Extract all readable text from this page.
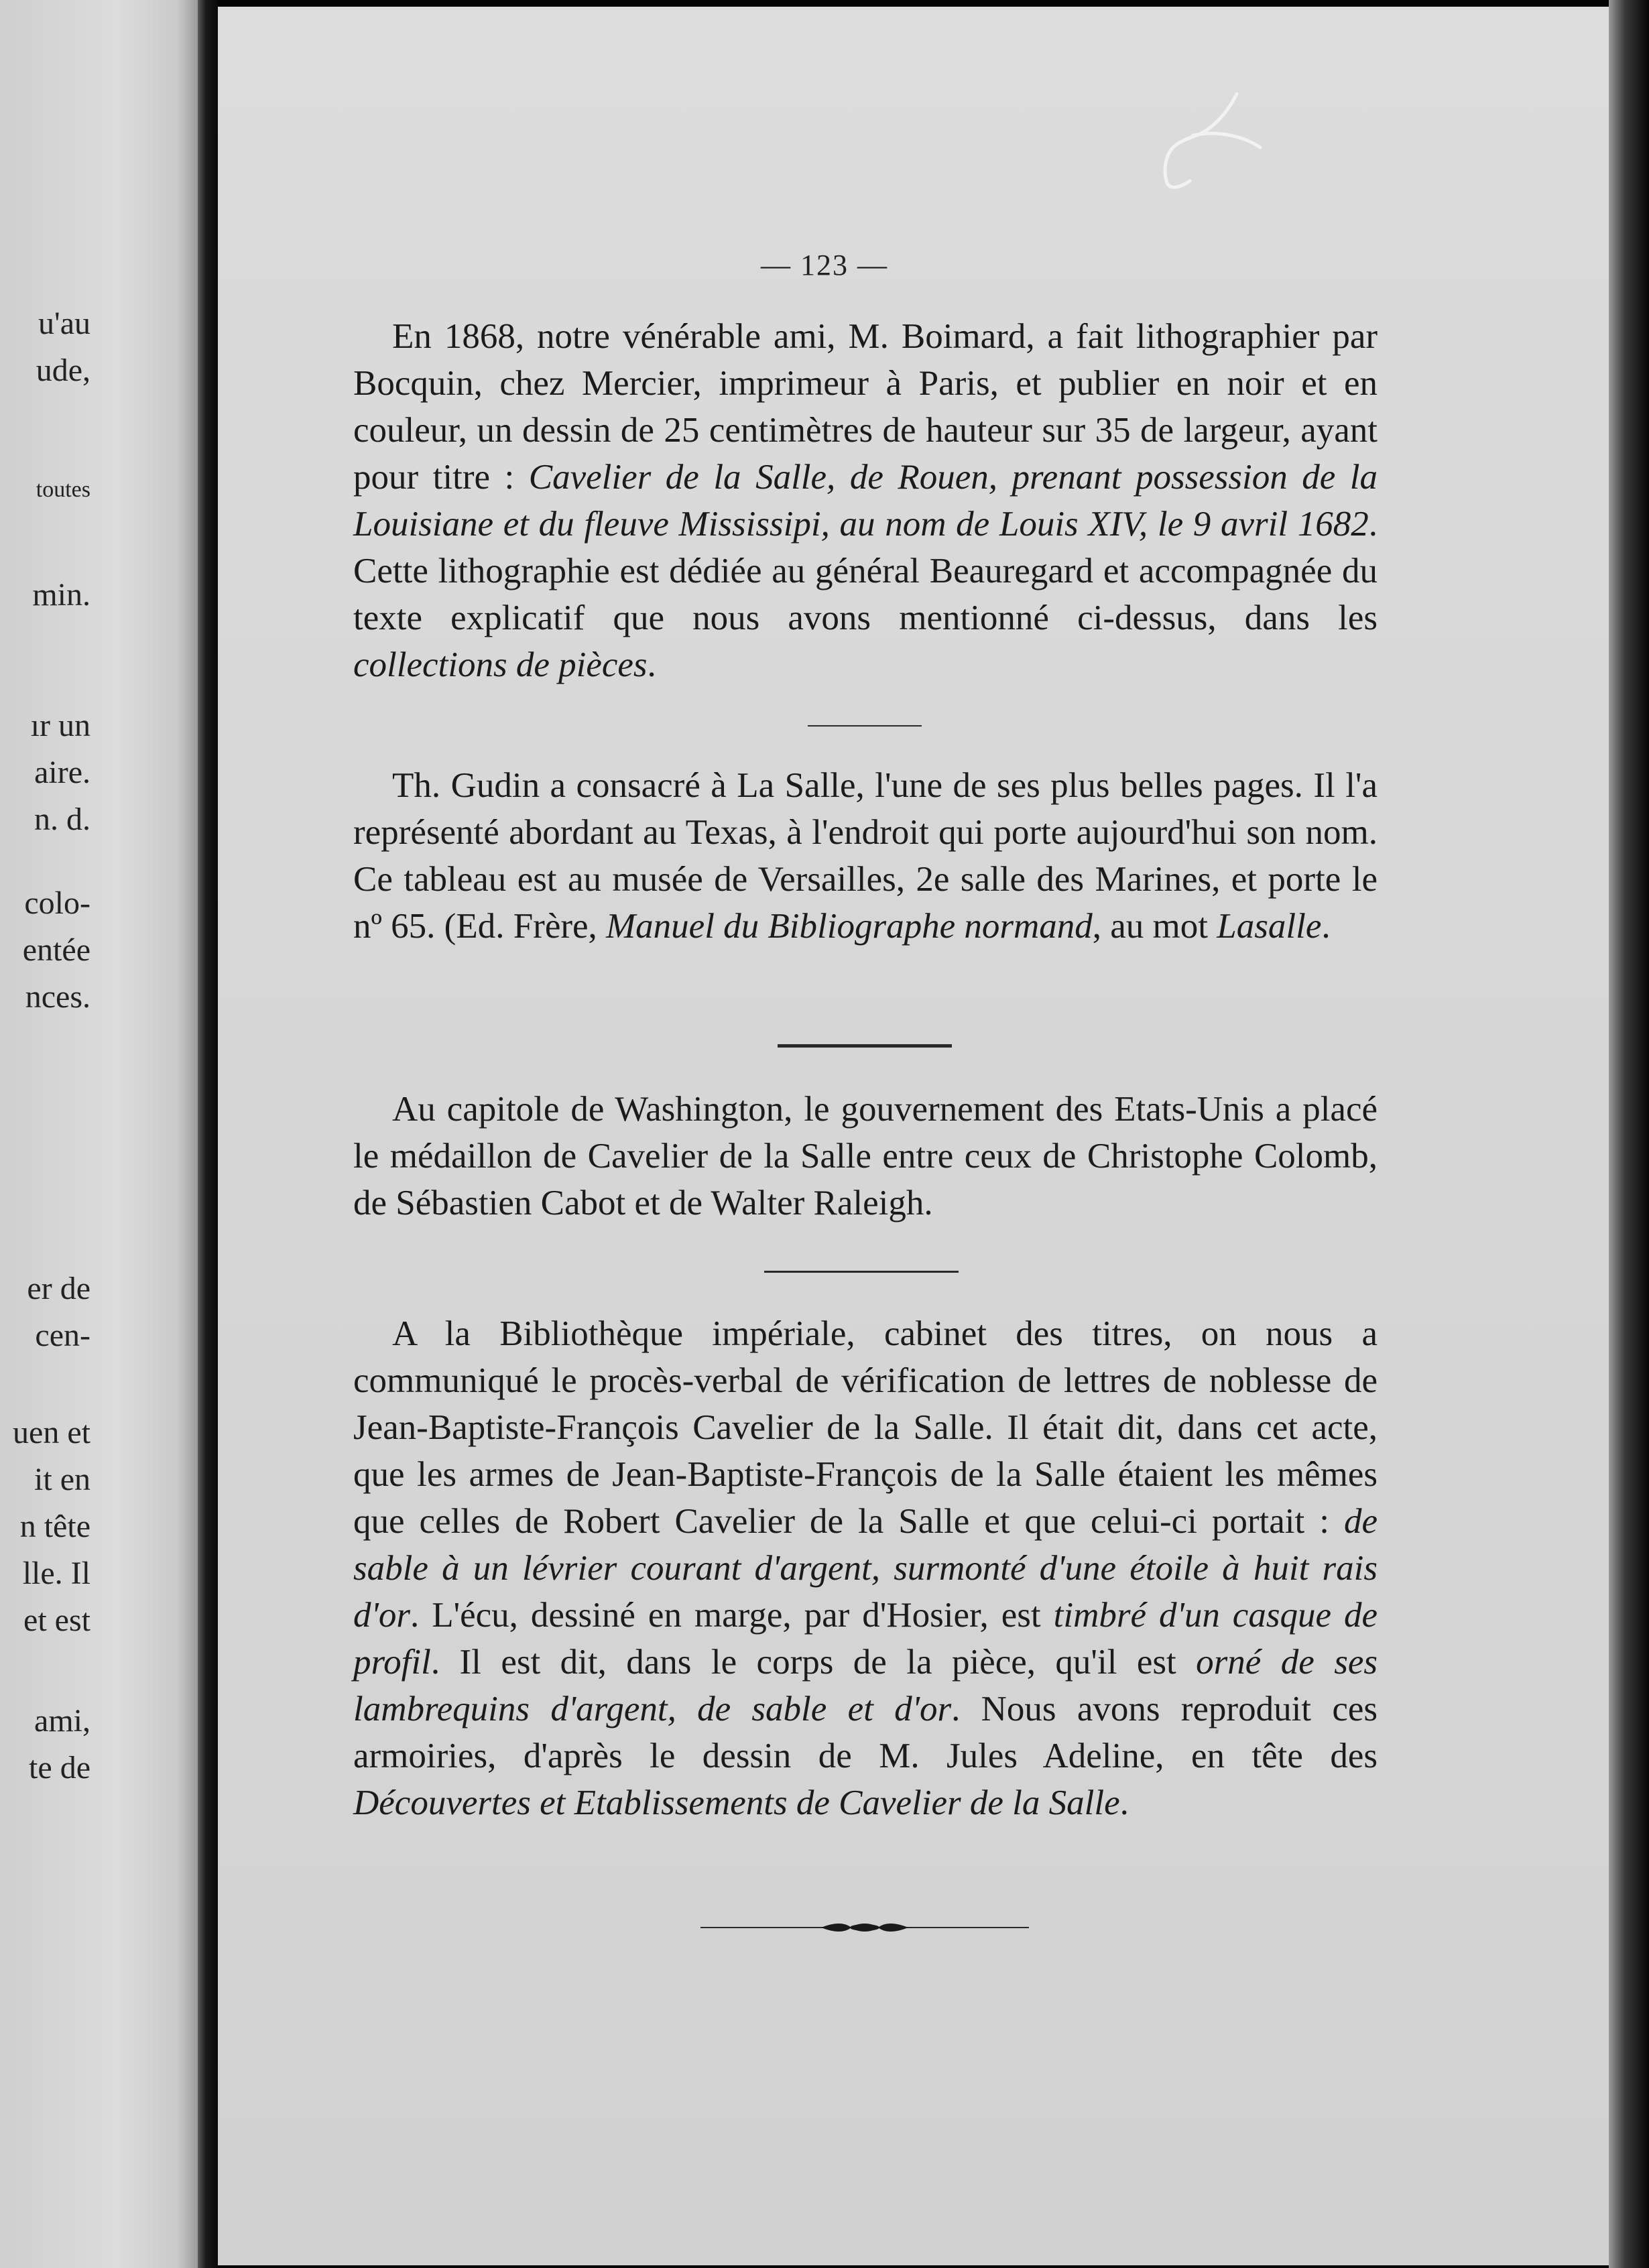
u'au
ude,
toutes
min.
ır un
aire.
n. d.
colo-
entée
nces.
er de
cen-
uen et
it en
n tête
lle. Il
et est
ami,
te de
— 123 —

En 1868, notre vénérable ami, M. Boimard, a fait lithographier par Bocquin, chez Mercier, imprimeur à Paris, et publier en noir et en couleur, un dessin de 25 centimètres de hauteur sur 35 de largeur, ayant pour titre : Cavelier de la Salle, de Rouen, prenant possession de la Louisiane et du fleuve Mississipi, au nom de Louis XIV, le 9 avril 1682. Cette lithographie est dédiée au général Beauregard et accompagnée du texte explicatif que nous avons mentionné ci-dessus, dans les collections de pièces.

Th. Gudin a consacré à La Salle, l'une de ses plus belles pages. Il l'a représenté abordant au Texas, à l'endroit qui porte aujourd'hui son nom. Ce tableau est au musée de Versailles, 2e salle des Marines, et porte le nº 65. (Ed. Frère, Manuel du Bibliographe normand, au mot Lasalle.

Au capitole de Washington, le gouvernement des Etats-Unis a placé le médaillon de Cavelier de la Salle entre ceux de Christophe Colomb, de Sébastien Cabot et de Walter Raleigh.

A la Bibliothèque impériale, cabinet des titres, on nous a communiqué le procès-verbal de vérification de lettres de noblesse de Jean-Baptiste-François Cavelier de la Salle. Il était dit, dans cet acte, que les armes de Jean-Baptiste-François de la Salle étaient les mêmes que celles de Robert Cavelier de la Salle et que celui-ci portait : de sable à un lévrier courant d'argent, surmonté d'une étoile à huit rais d'or. L'écu, dessiné en marge, par d'Hosier, est timbré d'un casque de profil. Il est dit, dans le corps de la pièce, qu'il est orné de ses lambrequins d'argent, de sable et d'or. Nous avons reproduit ces armoiries, d'après le dessin de M. Jules Adeline, en tête des Découvertes et Etablissements de Cavelier de la Salle.
